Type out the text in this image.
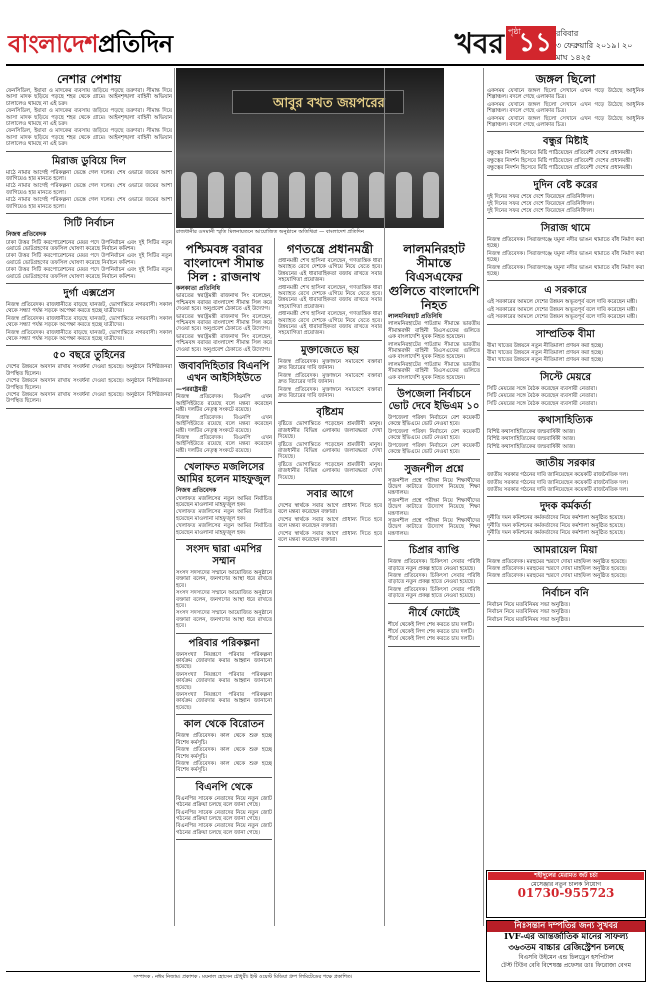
বাংলাদেশপ্রতিদিন	খবর পৃষ্ঠা
১১ রবিবার
৩ ফেব্রুয়ারি ২০১৯। ২০ মাঘ ১৪২৫
নেশার পেশায়

ফেনসিডিল, ইয়াবা ও মাদকের ব্যবসায় জড়িয়ে পড়ছে তরুণরা। সীমান্ত দিয়ে আসা মাদক ছড়িয়ে পড়ছে শহর থেকে গ্রামে। আইনশৃঙ্খলা বাহিনী অভিযান চালালেও থামছে না এই চক্র।

ফেনসিডিল, ইয়াবা ও মাদকের ব্যবসায় জড়িয়ে পড়ছে তরুণরা। সীমান্ত দিয়ে আসা মাদক ছড়িয়ে পড়ছে শহর থেকে গ্রামে। আইনশৃঙ্খলা বাহিনী অভিযান চালালেও থামছে না এই চক্র।

ফেনসিডিল, ইয়াবা ও মাদকের ব্যবসায় জড়িয়ে পড়ছে তরুণরা। সীমান্ত দিয়ে আসা মাদক ছড়িয়ে পড়ছে শহর থেকে গ্রামে। আইনশৃঙ্খলা বাহিনী অভিযান চালালেও থামছে না এই চক্র।

মিরাজ ডুবিয়ে দিল

মাঠে নামার আগেই পরিকল্পনা ভেস্তে গেল দলের। শেষ ওভারে জয়ের আশা জাগিয়েও হার মানতে হলো।

মাঠে নামার আগেই পরিকল্পনা ভেস্তে গেল দলের। শেষ ওভারে জয়ের আশা জাগিয়েও হার মানতে হলো।

মাঠে নামার আগেই পরিকল্পনা ভেস্তে গেল দলের। শেষ ওভারে জয়ের আশা জাগিয়েও হার মানতে হলো।

সিটি নির্বাচন
নিজস্ব প্রতিবেদক

ঢাকা উত্তর সিটি করপোরেশনের মেয়র পদে উপনির্বাচন এবং দুই সিটির নতুন ওয়ার্ডে ভোটগ্রহণের তফসিল ঘোষণা করেছে নির্বাচন কমিশন।

ঢাকা উত্তর সিটি করপোরেশনের মেয়র পদে উপনির্বাচন এবং দুই সিটির নতুন ওয়ার্ডে ভোটগ্রহণের তফসিল ঘোষণা করেছে নির্বাচন কমিশন।

ঢাকা উত্তর সিটি করপোরেশনের মেয়র পদে উপনির্বাচন এবং দুই সিটির নতুন ওয়ার্ডে ভোটগ্রহণের তফসিল ঘোষণা করেছে নির্বাচন কমিশন।

দুর্গা এক্সপ্রেস

নিজস্ব প্রতিবেদক। রাজধানীতে বাড়ছে যানজট, ভোগান্তিতে নগরবাসী। সকাল থেকে সন্ধ্যা পর্যন্ত সড়কে অপেক্ষা করতে হচ্ছে যাত্রীদের।

নিজস্ব প্রতিবেদক। রাজধানীতে বাড়ছে যানজট, ভোগান্তিতে নগরবাসী। সকাল থেকে সন্ধ্যা পর্যন্ত সড়কে অপেক্ষা করতে হচ্ছে যাত্রীদের।

নিজস্ব প্রতিবেদক। রাজধানীতে বাড়ছে যানজট, ভোগান্তিতে নগরবাসী। সকাল থেকে সন্ধ্যা পর্যন্ত সড়কে অপেক্ষা করতে হচ্ছে যাত্রীদের।

৫০ বছরে তুহিনের

দেশের উন্নয়নে অবদান রাখায় সংবর্ধনা দেওয়া হয়েছে। অনুষ্ঠানে বিশিষ্টজনরা উপস্থিত ছিলেন।

দেশের উন্নয়নে অবদান রাখায় সংবর্ধনা দেওয়া হয়েছে। অনুষ্ঠানে বিশিষ্টজনরা উপস্থিত ছিলেন।

দেশের উন্নয়নে অবদান রাখায় সংবর্ধনা দেওয়া হয়েছে। অনুষ্ঠানে বিশিষ্টজনরা উপস্থিত ছিলেন।

আবুর বখত জয়পরের
রাজধানীর ওসমানী স্মৃতি মিলনায়তনে আয়োজিত অনুষ্ঠানে অতিথিরা — বাংলাদেশ প্রতিদিন
পশ্চিমবঙ্গ বরাবর বাংলাদেশ সীমান্ত সিল : রাজনাথ
কলকাতা প্রতিনিধি

ভারতের স্বরাষ্ট্রমন্ত্রী রাজনাথ সিং বলেছেন, পশ্চিমবঙ্গ বরাবর বাংলাদেশ সীমান্ত সিল করে দেওয়া হবে। অনুপ্রবেশ ঠেকাতে এই উদ্যোগ।

ভারতের স্বরাষ্ট্রমন্ত্রী রাজনাথ সিং বলেছেন, পশ্চিমবঙ্গ বরাবর বাংলাদেশ সীমান্ত সিল করে দেওয়া হবে। অনুপ্রবেশ ঠেকাতে এই উদ্যোগ।

ভারতের স্বরাষ্ট্রমন্ত্রী রাজনাথ সিং বলেছেন, পশ্চিমবঙ্গ বরাবর বাংলাদেশ সীমান্ত সিল করে দেওয়া হবে। অনুপ্রবেশ ঠেকাতে এই উদ্যোগ।

জবাবদিহিতার বিএনপি এখন আইসিইউতে
—পররাষ্ট্রমন্ত্রী

নিজস্ব প্রতিবেদক। বিএনপি এখন আইসিইউতে রয়েছে বলে মন্তব্য করেছেন মন্ত্রী। দলটির নেতৃত্ব সংকটে রয়েছে।

নিজস্ব প্রতিবেদক। বিএনপি এখন আইসিইউতে রয়েছে বলে মন্তব্য করেছেন মন্ত্রী। দলটির নেতৃত্ব সংকটে রয়েছে।

নিজস্ব প্রতিবেদক। বিএনপি এখন আইসিইউতে রয়েছে বলে মন্তব্য করেছেন মন্ত্রী। দলটির নেতৃত্ব সংকটে রয়েছে।

খেলাফত মজলিসের আমির হলেন মাহফুজুল
নিজস্ব প্রতিবেদক

খেলাফত মজলিসের নতুন আমির নির্বাচিত হয়েছেন মাওলানা মাহফুজুল হক।

খেলাফত মজলিসের নতুন আমির নির্বাচিত হয়েছেন মাওলানা মাহফুজুল হক।

খেলাফত মজলিসের নতুন আমির নির্বাচিত হয়েছেন মাওলানা মাহফুজুল হক।

সংসদ দ্বারা এমপির সম্মান

সংসদ সদস্যদের সম্মানে আয়োজিত অনুষ্ঠানে বক্তারা বলেন, জনগণের আস্থা ধরে রাখতে হবে।

সংসদ সদস্যদের সম্মানে আয়োজিত অনুষ্ঠানে বক্তারা বলেন, জনগণের আস্থা ধরে রাখতে হবে।

সংসদ সদস্যদের সম্মানে আয়োজিত অনুষ্ঠানে বক্তারা বলেন, জনগণের আস্থা ধরে রাখতে হবে।

পরিবার পরিকল্পনা

জনসংখ্যা নিয়ন্ত্রণে পরিবার পরিকল্পনা কার্যক্রম জোরদার করার আহ্বান জানানো হয়েছে।

জনসংখ্যা নিয়ন্ত্রণে পরিবার পরিকল্পনা কার্যক্রম জোরদার করার আহ্বান জানানো হয়েছে।

জনসংখ্যা নিয়ন্ত্রণে পরিবার পরিকল্পনা কার্যক্রম জোরদার করার আহ্বান জানানো হয়েছে।

কাল থেকে বিরোতন

নিজস্ব প্রতিবেদক। কাল থেকে শুরু হচ্ছে বিশেষ কর্মসূচি।

নিজস্ব প্রতিবেদক। কাল থেকে শুরু হচ্ছে বিশেষ কর্মসূচি।

নিজস্ব প্রতিবেদক। কাল থেকে শুরু হচ্ছে বিশেষ কর্মসূচি।

বিএনপি থেকে

বিএনপির সাবেক নেতাদের নিয়ে নতুন জোট গঠনের প্রক্রিয়া চলছে বলে জানা গেছে।

বিএনপির সাবেক নেতাদের নিয়ে নতুন জোট গঠনের প্রক্রিয়া চলছে বলে জানা গেছে।

বিএনপির সাবেক নেতাদের নিয়ে নতুন জোট গঠনের প্রক্রিয়া চলছে বলে জানা গেছে।

গণতন্ত্রে প্রধানমন্ত্রী

প্রধানমন্ত্রী শেখ হাসিনা বলেছেন, গণতান্ত্রিক ধারা অব্যাহত রেখে দেশকে এগিয়ে নিয়ে যেতে হবে। উন্নয়নের এই ধারাবাহিকতা বজায় রাখতে সবার সহযোগিতা প্রয়োজন।

প্রধানমন্ত্রী শেখ হাসিনা বলেছেন, গণতান্ত্রিক ধারা অব্যাহত রেখে দেশকে এগিয়ে নিয়ে যেতে হবে। উন্নয়নের এই ধারাবাহিকতা বজায় রাখতে সবার সহযোগিতা প্রয়োজন।

প্রধানমন্ত্রী শেখ হাসিনা বলেছেন, গণতান্ত্রিক ধারা অব্যাহত রেখে দেশকে এগিয়ে নিয়ে যেতে হবে। উন্নয়নের এই ধারাবাহিকতা বজায় রাখতে সবার সহযোগিতা প্রয়োজন।

মুক্তাজেতে ছয়

নিজস্ব প্রতিবেদক। মুক্তাঙ্গনে সমাবেশে বক্তারা দ্রুত বিচারের দাবি জানান।

নিজস্ব প্রতিবেদক। মুক্তাঙ্গনে সমাবেশে বক্তারা দ্রুত বিচারের দাবি জানান।

নিজস্ব প্রতিবেদক। মুক্তাঙ্গনে সমাবেশে বক্তারা দ্রুত বিচারের দাবি জানান।

বৃষ্টিশ্রম

বৃষ্টিতে ভোগান্তিতে পড়েছেন শ্রমজীবী মানুষ। রাজধানীর বিভিন্ন এলাকায় জলাবদ্ধতা দেখা দিয়েছে।

বৃষ্টিতে ভোগান্তিতে পড়েছেন শ্রমজীবী মানুষ। রাজধানীর বিভিন্ন এলাকায় জলাবদ্ধতা দেখা দিয়েছে।

বৃষ্টিতে ভোগান্তিতে পড়েছেন শ্রমজীবী মানুষ। রাজধানীর বিভিন্ন এলাকায় জলাবদ্ধতা দেখা দিয়েছে।

সবার আগে

দেশের স্বার্থকে সবার আগে প্রাধান্য দিতে হবে বলে মন্তব্য করেছেন বক্তারা।

দেশের স্বার্থকে সবার আগে প্রাধান্য দিতে হবে বলে মন্তব্য করেছেন বক্তারা।

দেশের স্বার্থকে সবার আগে প্রাধান্য দিতে হবে বলে মন্তব্য করেছেন বক্তারা।

লালমনিরহাট সীমান্তে বিএসএফের গুলিতে বাংলাদেশি নিহত
লালমনিরহাট প্রতিনিধি

লালমনিরহাটের পাটগ্রাম সীমান্তে ভারতীয় সীমান্তরক্ষী বাহিনী বিএসএফের গুলিতে এক বাংলাদেশি যুবক নিহত হয়েছেন।

লালমনিরহাটের পাটগ্রাম সীমান্তে ভারতীয় সীমান্তরক্ষী বাহিনী বিএসএফের গুলিতে এক বাংলাদেশি যুবক নিহত হয়েছেন।

লালমনিরহাটের পাটগ্রাম সীমান্তে ভারতীয় সীমান্তরক্ষী বাহিনী বিএসএফের গুলিতে এক বাংলাদেশি যুবক নিহত হয়েছেন।

উপজেলা নির্বাচনে ভোট দেবে ইভিএম ১০

উপজেলা পরিষদ নির্বাচনে বেশ কয়েকটি কেন্দ্রে ইভিএমে ভোট নেওয়া হবে।

উপজেলা পরিষদ নির্বাচনে বেশ কয়েকটি কেন্দ্রে ইভিএমে ভোট নেওয়া হবে।

উপজেলা পরিষদ নির্বাচনে বেশ কয়েকটি কেন্দ্রে ইভিএমে ভোট নেওয়া হবে।

সুজনশীল প্রশ্নে

সৃজনশীল প্রশ্নে পরীক্ষা নিয়ে শিক্ষার্থীদের উদ্বেগ কাটাতে উদ্যোগ নিয়েছে শিক্ষা মন্ত্রণালয়।

সৃজনশীল প্রশ্নে পরীক্ষা নিয়ে শিক্ষার্থীদের উদ্বেগ কাটাতে উদ্যোগ নিয়েছে শিক্ষা মন্ত্রণালয়।

সৃজনশীল প্রশ্নে পরীক্ষা নিয়ে শিক্ষার্থীদের উদ্বেগ কাটাতে উদ্যোগ নিয়েছে শিক্ষা মন্ত্রণালয়।

চিপ্রার ব্যাপ্তি

নিজস্ব প্রতিবেদক। চিকিৎসা সেবার পরিধি বাড়াতে নতুন প্রকল্প হাতে নেওয়া হয়েছে।

নিজস্ব প্রতিবেদক। চিকিৎসা সেবার পরিধি বাড়াতে নতুন প্রকল্প হাতে নেওয়া হয়েছে।

নিজস্ব প্রতিবেদক। চিকিৎসা সেবার পরিধি বাড়াতে নতুন প্রকল্প হাতে নেওয়া হয়েছে।

নীর্ষে ফোটেই

শীর্ষে থেকেই লিগ শেষ করতে চায় দলটি।

শীর্ষে থেকেই লিগ শেষ করতে চায় দলটি।

শীর্ষে থেকেই লিগ শেষ করতে চায় দলটি।

জঙ্গল ছিলো

একসময় যেখানে জঙ্গল ছিলো সেখানে এখন গড়ে উঠেছে আধুনিক শিল্পাঞ্চল। বদলে গেছে এলাকার চিত্র।

একসময় যেখানে জঙ্গল ছিলো সেখানে এখন গড়ে উঠেছে আধুনিক শিল্পাঞ্চল। বদলে গেছে এলাকার চিত্র।

একসময় যেখানে জঙ্গল ছিলো সেখানে এখন গড়ে উঠেছে আধুনিক শিল্পাঞ্চল। বদলে গেছে এলাকার চিত্র।

বন্ধুর মিষ্টাই

বন্ধুত্বের নিদর্শন হিসেবে মিষ্টি পাঠিয়েছেন প্রতিবেশী দেশের প্রধানমন্ত্রী।

বন্ধুত্বের নিদর্শন হিসেবে মিষ্টি পাঠিয়েছেন প্রতিবেশী দেশের প্রধানমন্ত্রী।

বন্ধুত্বের নিদর্শন হিসেবে মিষ্টি পাঠিয়েছেন প্রতিবেশী দেশের প্রধানমন্ত্রী।

দুদিন বেষ্ট করের

দুই দিনের সফর শেষে দেশে ফিরেছেন প্রতিনিধিদল।

দুই দিনের সফর শেষে দেশে ফিরেছেন প্রতিনিধিদল।

দুই দিনের সফর শেষে দেশে ফিরেছেন প্রতিনিধিদল।

সিরাজ থামে

নিজস্ব প্রতিবেদক। সিরাজগঞ্জে যমুনা নদীর ভাঙন থামাতে বাঁধ নির্মাণ করা হচ্ছে।

নিজস্ব প্রতিবেদক। সিরাজগঞ্জে যমুনা নদীর ভাঙন থামাতে বাঁধ নির্মাণ করা হচ্ছে।

নিজস্ব প্রতিবেদক। সিরাজগঞ্জে যমুনা নদীর ভাঙন থামাতে বাঁধ নির্মাণ করা হচ্ছে।

এ সরকারে

এই সরকারের আমলে দেশের উন্নয়ন অভূতপূর্ব বলে দাবি করেছেন মন্ত্রী।

এই সরকারের আমলে দেশের উন্নয়ন অভূতপূর্ব বলে দাবি করেছেন মন্ত্রী।

এই সরকারের আমলে দেশের উন্নয়ন অভূতপূর্ব বলে দাবি করেছেন মন্ত্রী।

সাম্প্রতিক বীমা

বীমা খাতের উন্নয়নে নতুন নীতিমালা প্রণয়ন করা হচ্ছে।

বীমা খাতের উন্নয়নে নতুন নীতিমালা প্রণয়ন করা হচ্ছে।

বীমা খাতের উন্নয়নে নতুন নীতিমালা প্রণয়ন করা হচ্ছে।

সিস্টে মেয়রে

সিটি মেয়রের সঙ্গে বৈঠক করেছেন ব্যবসায়ী নেতারা।

সিটি মেয়রের সঙ্গে বৈঠক করেছেন ব্যবসায়ী নেতারা।

সিটি মেয়রের সঙ্গে বৈঠক করেছেন ব্যবসায়ী নেতারা।

কথাসাহিত্যিক

বিশিষ্ট কথাসাহিত্যিকের জন্মবার্ষিকী আজ।

বিশিষ্ট কথাসাহিত্যিকের জন্মবার্ষিকী আজ।

বিশিষ্ট কথাসাহিত্যিকের জন্মবার্ষিকী আজ।

জাতীয় সরকার

জাতীয় সরকার গঠনের দাবি জানিয়েছেন কয়েকটি রাজনৈতিক দল।

জাতীয় সরকার গঠনের দাবি জানিয়েছেন কয়েকটি রাজনৈতিক দল।

জাতীয় সরকার গঠনের দাবি জানিয়েছেন কয়েকটি রাজনৈতিক দল।

দুদক কর্মকর্তা

দুর্নীতি দমন কমিশনের কর্মকর্তাদের নিয়ে কর্মশালা অনুষ্ঠিত হয়েছে।

দুর্নীতি দমন কমিশনের কর্মকর্তাদের নিয়ে কর্মশালা অনুষ্ঠিত হয়েছে।

দুর্নীতি দমন কমিশনের কর্মকর্তাদের নিয়ে কর্মশালা অনুষ্ঠিত হয়েছে।

আমরায়েল মিয়া

নিজস্ব প্রতিবেদক। মরহুমের স্মরণে দোয়া মাহফিল অনুষ্ঠিত হয়েছে।

নিজস্ব প্রতিবেদক। মরহুমের স্মরণে দোয়া মাহফিল অনুষ্ঠিত হয়েছে।

নিজস্ব প্রতিবেদক। মরহুমের স্মরণে দোয়া মাহফিল অনুষ্ঠিত হয়েছে।

নির্বাচন বনি

নির্বাচন নিয়ে মতবিনিময় সভা অনুষ্ঠিত।

নির্বাচন নিয়ে মতবিনিময় সভা অনুষ্ঠিত।

নির্বাচন নিয়ে মতবিনিময় সভা অনুষ্ঠিত।

শহীদুলের মেরামত জট চর্চা
মেসেঞ্জার নতুন চালক নিয়োগ
01730-955723
নিঃসন্তান দম্পতির জন্য সুখবর
IVF-এর আন্তর্জাতিক মানের সাফল্য
৩৬৩তম বাচ্চার রেজিস্ট্রেশন চলছে
বিএসবি উইমেন এন্ড চিলড্রেন হসপিটাল
টেস্ট টিউব বেবি বিশেষজ্ঞ প্রফেসর ডাঃ ফিরোজা বেগম
সম্পাদক : নঈম নিজাম। প্রকাশক : ময়নাল হোসেন চৌধুরী। ইস্ট ওয়েস্ট মিডিয়া গ্রুপ লিমিটেডের পক্ষে প্রকাশিত।
